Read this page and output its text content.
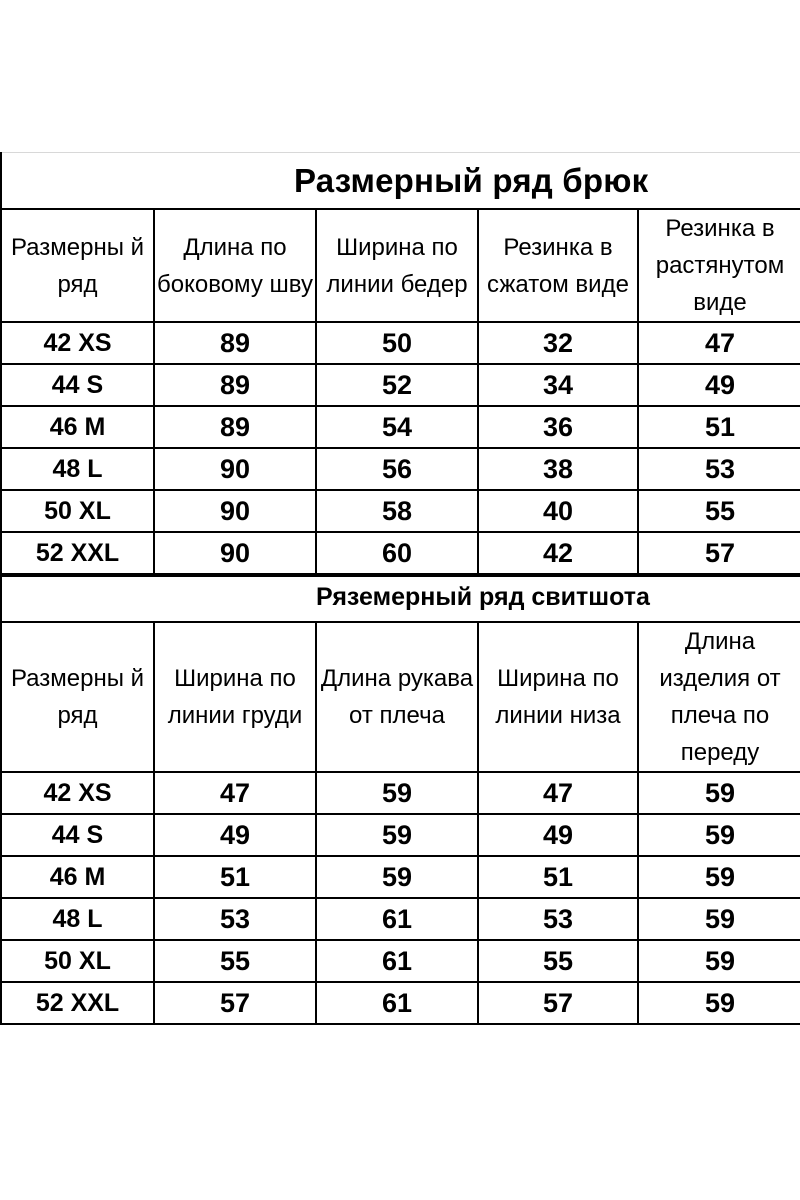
Размерный ряд брюк
Размерны й ряд	Длина по боковому шву	Ширина по линии бедер	Резинка в сжатом виде	Резинка в растянутом виде
42 XS	89	50	32	47
44 S	89	52	34	49
46 M	89	54	36	51
48 L	90	56	38	53
50 XL	90	58	40	55
52 XXL	90	60	42	57
Ряземерный ряд свитшота
Размерны й ряд	Ширина по линии груди	Длина рукава от плеча	Ширина по линии низа	Длина изделия от плеча по переду
42 XS	47	59	47	59
44 S	49	59	49	59
46 M	51	59	51	59
48 L	53	61	53	59
50 XL	55	61	55	59
52 XXL	57	61	57	59
